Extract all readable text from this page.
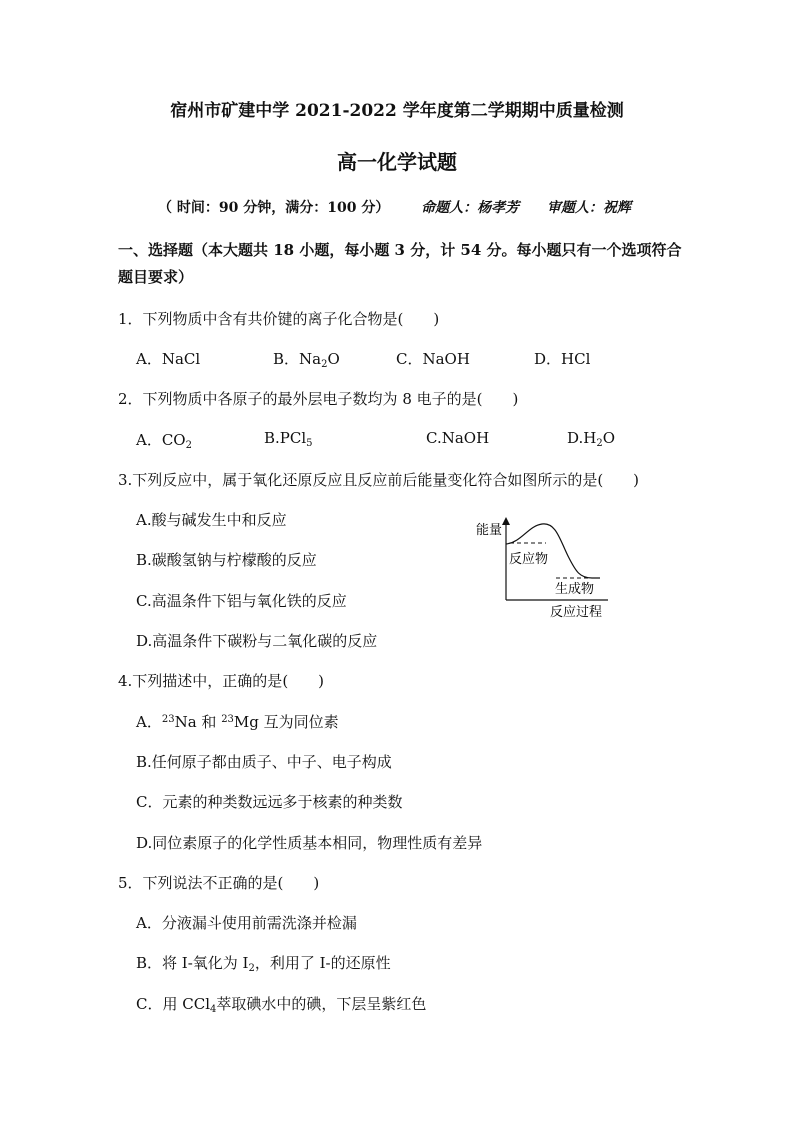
宿州市矿建中学 2021-2022 学年度第二学期期中质量检测
高一化学试题
（ 时间：90 分钟，满分：100 分） 命题人：杨孝芳 审题人：祝辉
一、选择题（本大题共 18 小题，每小题 3 分，计 54 分。每小题只有一个选项符合题目要求）
1．下列物质中含有共价键的离子化合物是(　　)
A．NaCl	B．$Na_2O$	C．NaOH	D．HCl
2．下列物质中各原子的最外层电子数均为 8 电子的是(　　)
A．$CO_2$	B.PCl$_5$	C.NaOH	$D.H_2O$
3.下列反应中，属于氧化还原反应且反应前后能量变化符合如图所示的是(　　)
A.酸与碱发生中和反应
B.碳酸氢钠与柠檬酸的反应
C.高温条件下铝与氧化铁的反应
D.高温条件下碳粉与二氧化碳的反应
能量
反应物
生成物
反应过程
4.下列描述中，正确的是(　　)
A．$^{23}$Na 和 $^{23}$Mg 互为同位素
B.任何原子都由质子、中子、电子构成
C．元素的种类数远远多于核素的种类数
D.同位素原子的化学性质基本相同，物理性质有差异
5．下列说法不正确的是(　　)
A．分液漏斗使用前需洗涤并检漏
B．将 I-氧化为 $I_2$，利用了 I-的还原性
C．用 CCl$_4$萃取碘水中的碘，下层呈紫红色
